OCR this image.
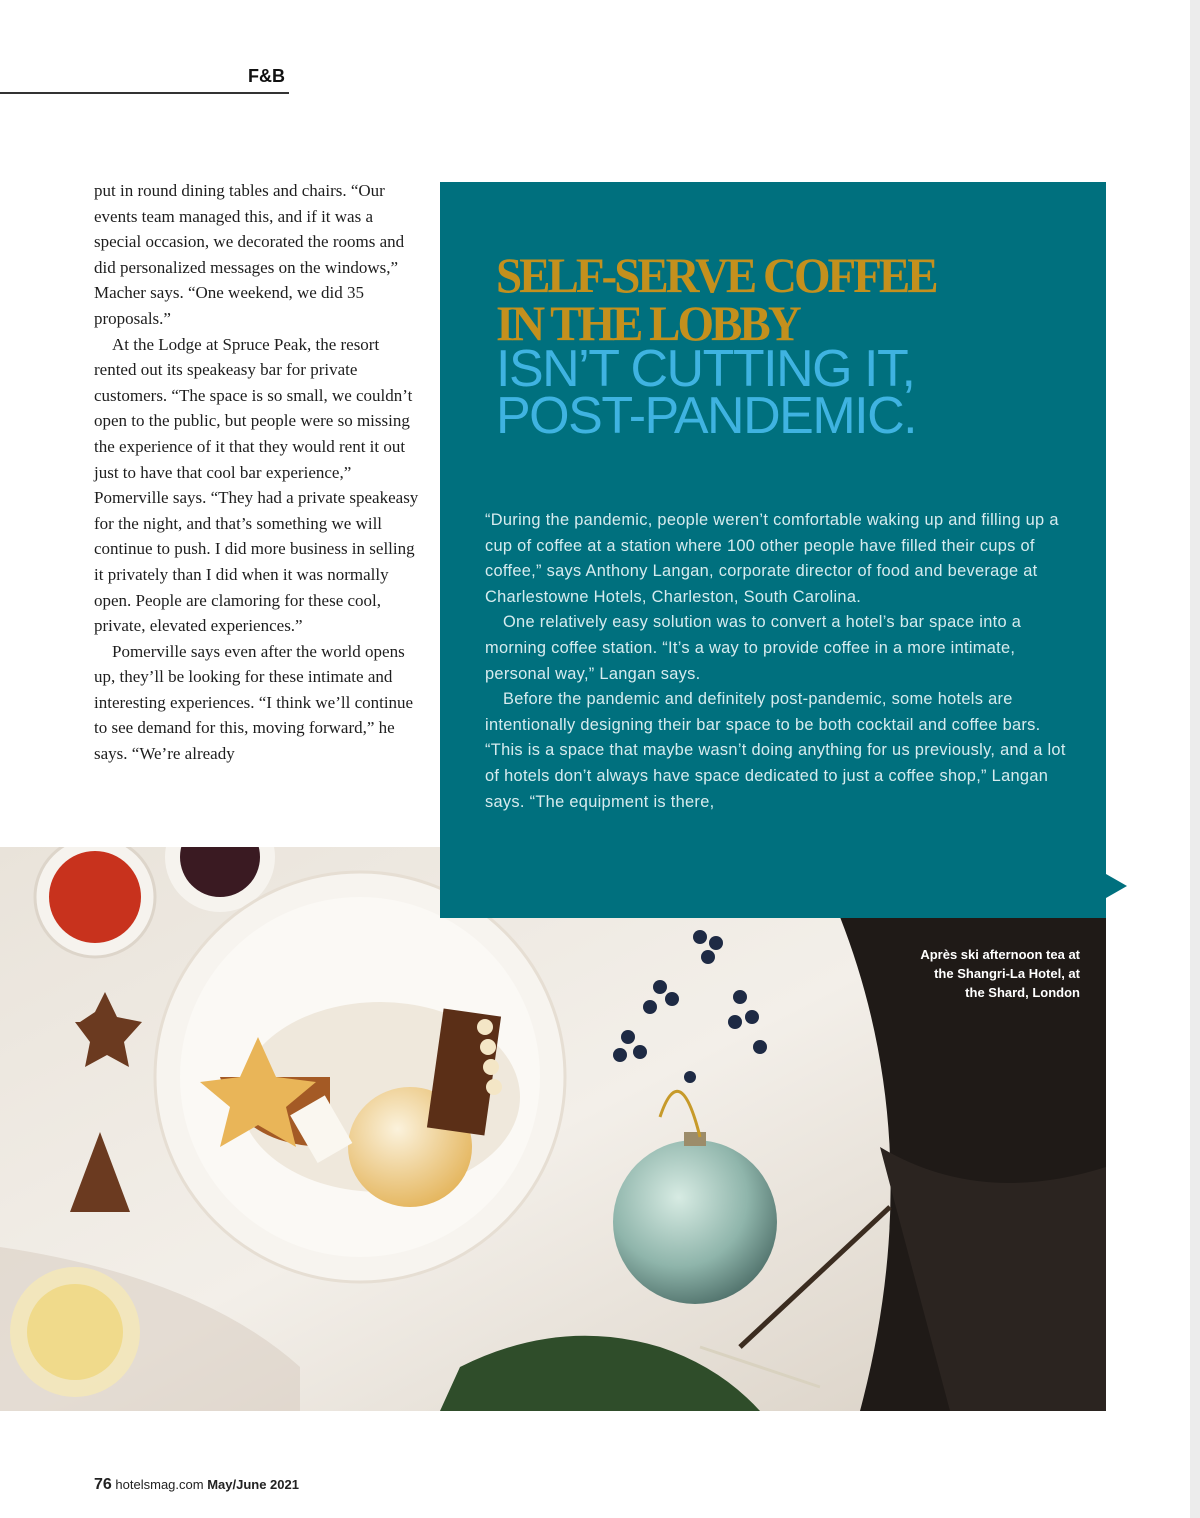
F&B

put in round dining tables and chairs. “Our events team managed this, and if it was a special occasion, we decorated the rooms and did personalized messages on the windows,” Macher says. “One weekend, we did 35 proposals.”

At the Lodge at Spruce Peak, the resort rented out its speakeasy bar for private customers. “The space is so small, we couldn’t open to the public, but people were so missing the experience of it that they would rent it out just to have that cool bar experience,” Pomerville says. “They had a private speakeasy for the night, and that’s something we will continue to push. I did more business in selling it privately than I did when it was normally open. People are clamoring for these cool, private, elevated experiences.”

Pomerville says even after the world opens up, they’ll be looking for these intimate and interesting experiences. “I think we’ll continue to see demand for this, moving forward,” he says. “We’re already

SELF-SERVE COFFEE
IN THE LOBBY
ISN’T CUTTING IT,
POST-PANDEMIC.

“During the pandemic, people weren’t comfortable waking up and filling up a cup of coffee at a station where 100 other people have filled their cups of coffee,” says Anthony Langan, corporate director of food and beverage at Charlestowne Hotels, Charleston, South Carolina.

One relatively easy solution was to convert a hotel’s bar space into a morning coffee station. “It’s a way to provide coffee in a more intimate, personal way,” Langan says.

Before the pandemic and definitely post-pandemic, some hotels are intentionally designing their bar space to be both cocktail and coffee bars. “This is a space that maybe wasn’t doing anything for us previously, and a lot of hotels don’t always have space dedicated to just a coffee shop,” Langan says. “The equipment is there,

Après ski afternoon tea at the Shangri-La Hotel, at the Shard, London
76 hotelsmag.com May/June 2021
